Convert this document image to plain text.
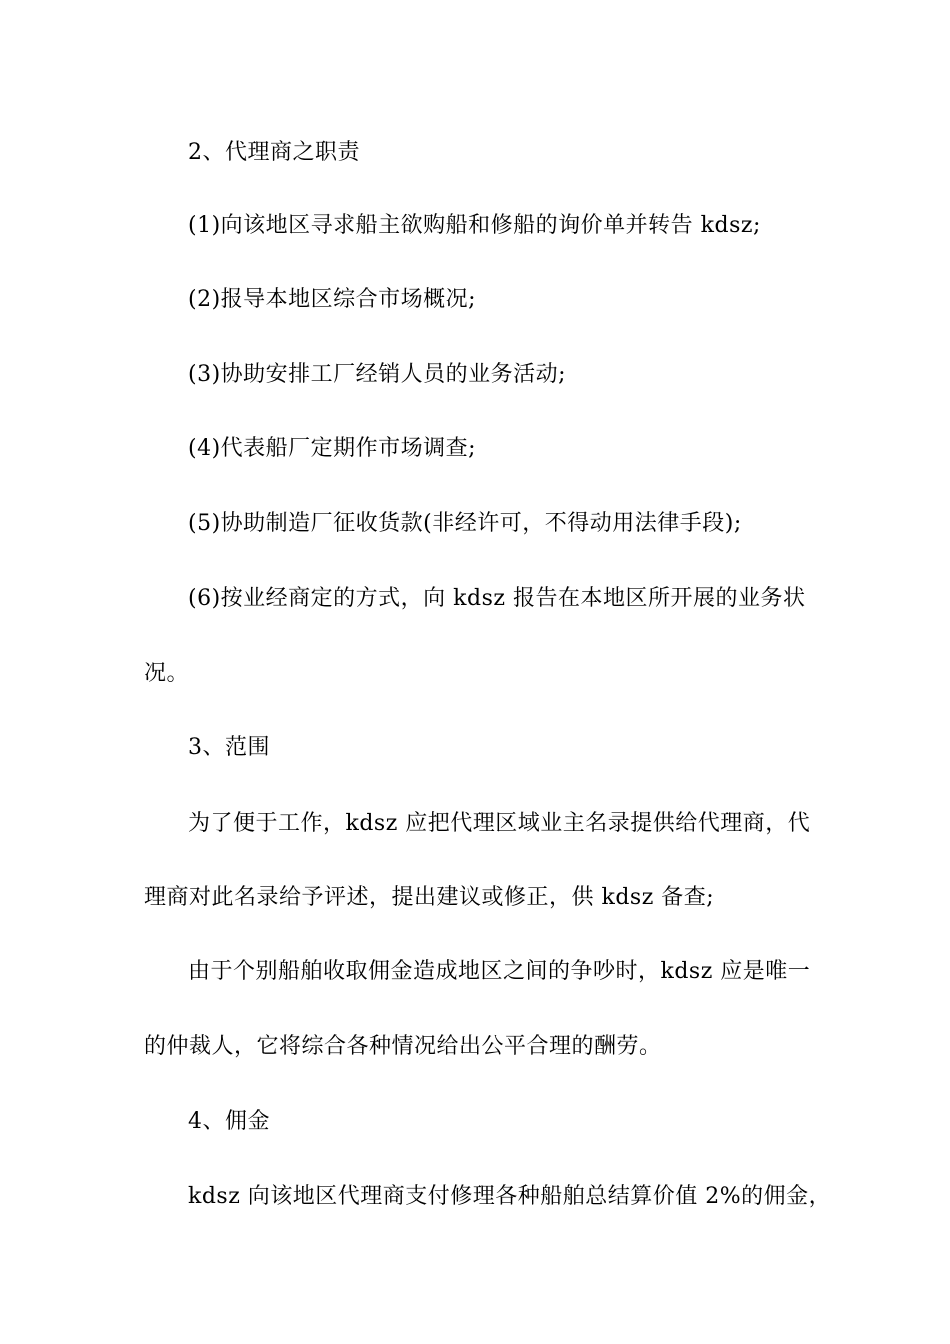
2、代理商之职责

(1)向该地区寻求船主欲购船和修船的询价单并转告 kdsz;

(2)报导本地区综合市场概况;

(3)协助安排工厂经销人员的业务活动;

(4)代表船厂定期作市场调查;

(5)协助制造厂征收货款(非经许可，不得动用法律手段);

(6)按业经商定的方式，向 kdsz 报告在本地区所开展的业务状

况。

3、范围

为了便于工作，kdsz 应把代理区域业主名录提供给代理商，代

理商对此名录给予评述，提出建议或修正，供 kdsz 备查;

由于个别船舶收取佣金造成地区之间的争吵时，kdsz 应是唯一

的仲裁人，它将综合各种情况给出公平合理的酬劳。

4、佣金

kdsz 向该地区代理商支付修理各种船舶总结算价值 2%的佣金，
